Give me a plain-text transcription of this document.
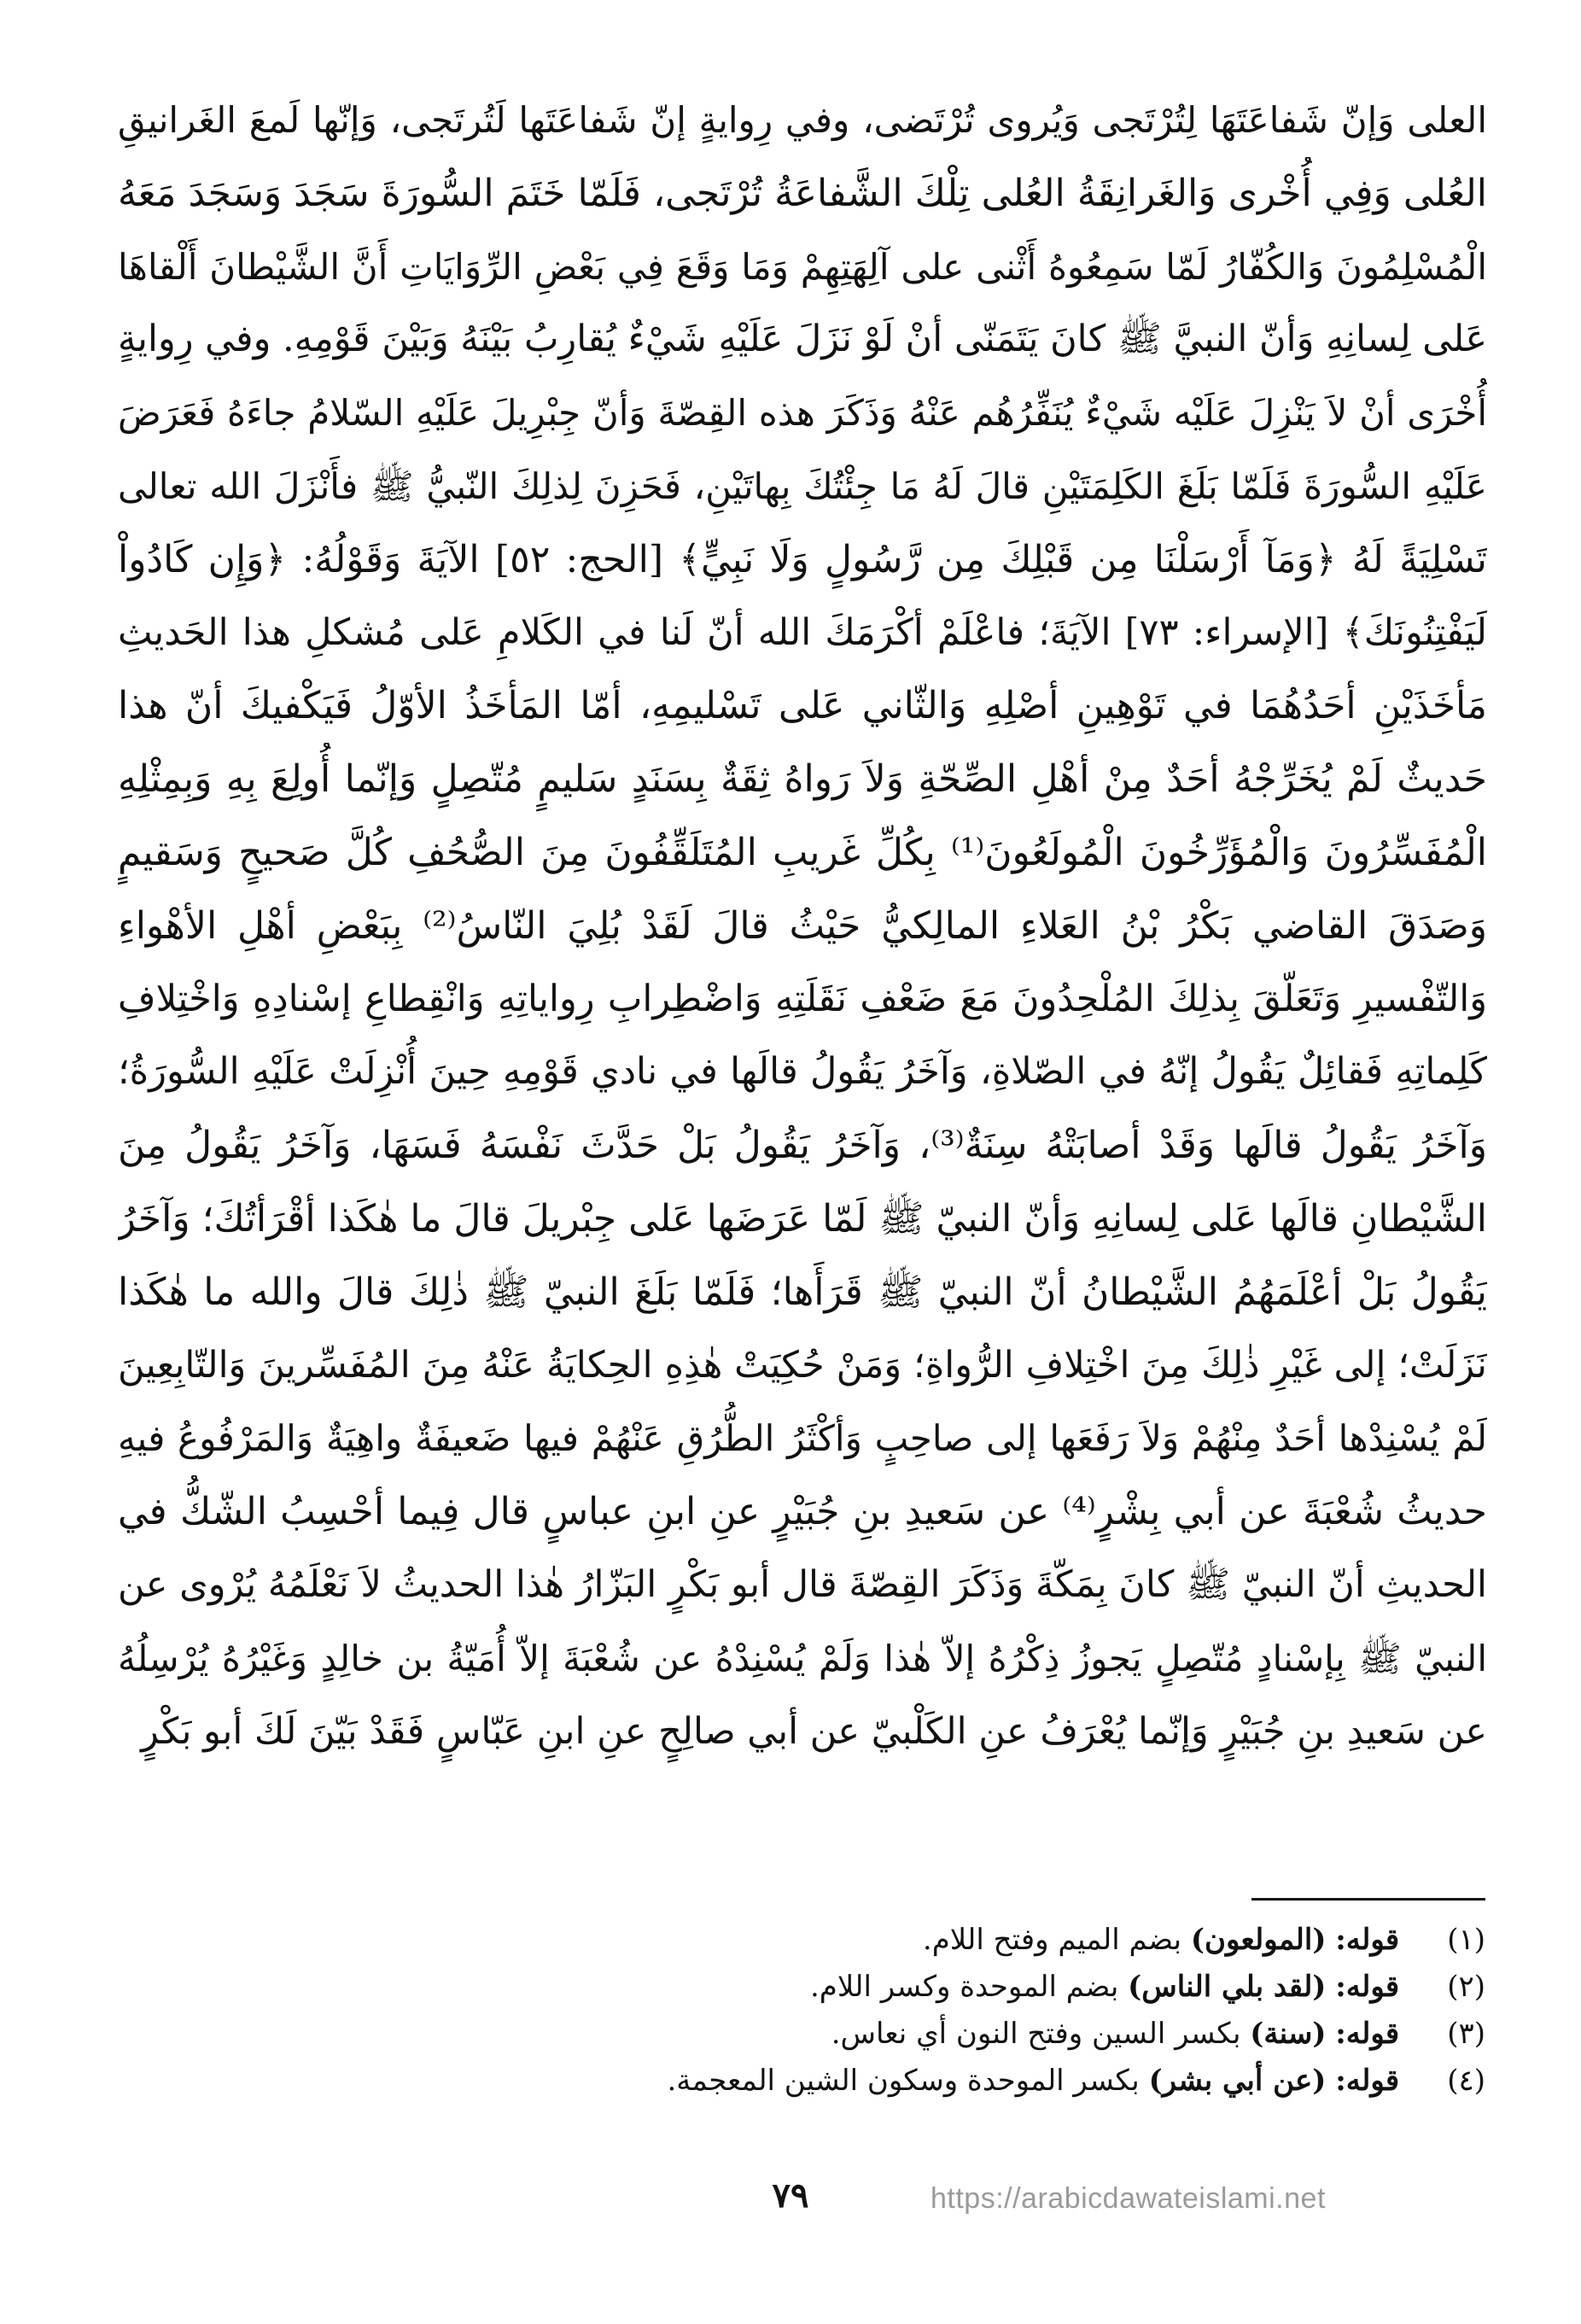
العلى وَإنّ شَفاعَتَهَا لِتُرْتَجى وَيُروى تُرْتَضى، وفي رِوايةٍ إنّ شَفاعَتَها لَتُرتَجى، وَإنّها لَمعَ الغَرانيقِ
العُلى وَفِي أُخْرى وَالغَرانِقَةُ العُلى تِلْكَ الشَّفاعَةُ تُرْتَجى، فَلَمّا خَتَمَ السُّورَةَ سَجَدَ وَسَجَدَ مَعَهُ
الْمُسْلِمُونَ وَالكُفّارُ لَمّا سَمِعُوهُ أَثْنى على آلِهَتِهِمْ وَمَا وَقَعَ فِي بَعْضِ الرِّوَايَاتِ أَنَّ الشَّيْطانَ أَلْقاهَا
عَلى لِسانِهِ وَأنّ النبيَّ ﷺ كانَ يَتَمَنّى أنْ لَوْ نَزَلَ عَلَيْهِ شَيْءٌ يُقارِبُ بَيْنَهُ وَبَيْنَ قَوْمِهِ. وفي رِوايةٍ
أُخْرَى أنْ لاَ يَنْزِلَ عَلَيْه شَيْءٌ يُنَفِّرُهُم عَنْهُ وَذَكَرَ هذه القِصّةَ وَأنّ جِبْرِيلَ عَلَيْهِ السّلامُ جاءَهُ فَعَرَضَ
عَلَيْهِ السُّورَةَ فَلَمّا بَلَغَ الكَلِمَتَيْنِ قالَ لَهُ مَا جِئْتُكَ بِهاتَيْنِ، فَحَزِنَ لِذلِكَ النّبيُّ ﷺ فأَنْزَلَ الله تعالى
تَسْلِيَةً لَهُ ﴿وَمَآ أَرْسَلْنَا مِن قَبْلِكَ مِن رَّسُولٍ وَلَا نَبِيٍّ﴾ [الحج: ٥٢] الآيَةَ وَقَوْلُهُ: ﴿وَإِن كَادُواْ
لَيَفْتِنُونَكَ﴾ [الإسراء: ٧٣] الآيَةَ؛ فاعْلَمْ أكْرَمَكَ الله أنّ لَنا في الكَلامِ عَلى مُشكلِ هذا الحَديثِ
مَأخَذَيْنِ أحَدُهُمَا في تَوْهِينِ أصْلِهِ وَالثّاني عَلى تَسْليمِهِ، أمّا المَأخَذُ الأوّلُ فَيَكْفيكَ أنّ هذا
حَديثٌ لَمْ يُخَرِّجْهُ أحَدٌ مِنْ أهْلِ الصِّحّةِ وَلاَ رَواهُ ثِقَةٌ بِسَنَدٍ سَليمٍ مُتّصِلٍ وَإنّما أُولِعَ بِهِ وَبِمِثْلِهِ
الْمُفَسِّرُونَ وَالْمُؤَرِّخُونَ الْمُولَعُونَ⁽¹⁾ بِكُلِّ غَريبِ المُتَلَقِّفُونَ مِنَ الصُّحُفِ كُلَّ صَحيحٍ وَسَقيمٍ
وَصَدَقَ القاضي بَكْرُ بْنُ العَلاءِ المالِكيُّ حَيْثُ قالَ لَقَدْ بُلِيَ النّاسُ⁽²⁾ بِبَعْضِ أهْلِ الأهْواءِ
وَالتّفْسيرِ وَتَعَلّقَ بِذلِكَ المُلْحِدُونَ مَعَ ضَعْفِ نَقَلَتِهِ وَاضْطِرابِ رِواياتِهِ وَانْقِطاعِ إسْنادِهِ وَاخْتِلافِ
كَلِماتِهِ فَقائِلٌ يَقُولُ إنّهُ في الصّلاةِ، وَآخَرُ يَقُولُ قالَها في نادي قَوْمِهِ حِينَ أُنْزِلَتْ عَلَيْهِ السُّورَةُ؛
وَآخَرُ يَقُولُ قالَها وَقَدْ أصابَتْهُ سِنَةٌ⁽³⁾، وَآخَرُ يَقُولُ بَلْ حَدَّثَ نَفْسَهُ فَسَهَا، وَآخَرُ يَقُولُ مِنَ
الشَّيْطانِ قالَها عَلى لِسانِهِ وَأنّ النبيّ ﷺ لَمّا عَرَضَها عَلى جِبْريلَ قالَ ما هٰكَذا أقْرَأتُكَ؛ وَآخَرُ
يَقُولُ بَلْ أعْلَمَهُمُ الشَّيْطانُ أنّ النبيّ ﷺ قَرَأَها؛ فَلَمّا بَلَغَ النبيّ ﷺ ذٰلِكَ قالَ والله ما هٰكَذا
نَزَلَتْ؛ إلى غَيْرِ ذٰلِكَ مِنَ اخْتِلافِ الرُّواةِ؛ وَمَنْ حُكِيَتْ هٰذِهِ الحِكايَةُ عَنْهُ مِنَ المُفَسِّرينَ وَالتّابِعِينَ
لَمْ يُسْنِدْها أحَدٌ مِنْهُمْ وَلاَ رَفَعَها إلى صاحِبٍ وَأكْثَرُ الطُّرُقِ عَنْهُمْ فيها ضَعيفَةٌ واهِيَةٌ وَالمَرْفُوعُ فيهِ
حديثُ شُعْبَةَ عن أبي بِشْرٍ⁽⁴⁾ عن سَعيدِ بنِ جُبَيْرٍ عنِ ابنِ عباسٍ قال فِيما أحْسِبُ الشّكُّ في
الحديثِ أنّ النبيّ ﷺ كانَ بِمَكّةَ وَذَكَرَ القِصّةَ قال أبو بَكْرٍ البَزّارُ هٰذا الحديثُ لاَ نَعْلَمُهُ يُرْوى عن
النبيّ ﷺ بِإسْنادٍ مُتّصِلٍ يَجوزُ ذِكْرُهُ إلاّ هٰذا وَلَمْ يُسْنِدْهُ عن شُعْبَةَ إلاّ أُمَيّةُ بن خالِدٍ وَغَيْرُهُ يُرْسِلُهُ
عن سَعيدِ بنِ جُبَيْرٍ وَإنّما يُعْرَفُ عنِ الكَلْبيّ عن أبي صالِحٍ عنِ ابنِ عَبّاسٍ فَقَدْ بَيّنَ لَكَ أبو بَكْرٍ
(١) قوله: (المولعون) بضم الميم وفتح اللام.
(٢) قوله: (لقد بلي الناس) بضم الموحدة وكسر اللام.
(٣) قوله: (سنة) بكسر السين وفتح النون أي نعاس.
(٤) قوله: (عن أبي بشر) بكسر الموحدة وسكون الشين المعجمة.
٧٩	https://arabicdawateislami.net
